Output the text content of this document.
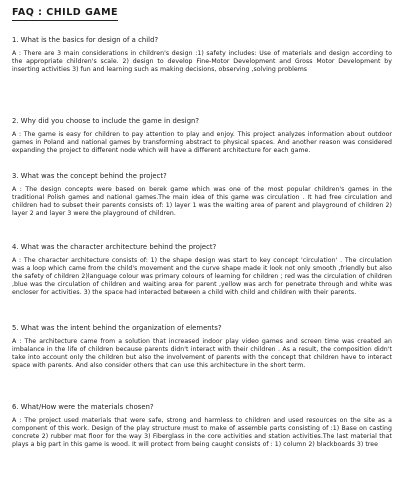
FAQ : CHILD GAME

1. What is the basics for design of a child?

A : There are 3 main considerations in children's design :1) safety includes: Use of materials and design according to the appropriate children's scale. 2) design to develop Fine-Motor Development and Gross Motor Development by inserting activities 3) fun and learning such as making decisions, observing ,solving problems

2. Why did you choose to include the game in design?

A : The game is easy for children to pay attention to play and enjoy. This project analyzes information about outdoor games in Poland and national games by transforming abstract to physical spaces. And another reason was considered expanding the project to different node which will have a different architecture for each game.

3. What was the concept behind the project?

A : The design concepts were based on berek game which was one of the most popular children's games in the traditional Polish games and national games.The main idea of this game was circulation . It had free circulation and children had to subset their parents consists of: 1) layer 1 was the waiting area of parent and playground of children 2) layer 2 and layer 3 were the playground of children.

4. What was the character architecture behind the project?

A : The character architecture consists of: 1) the shape design was start to key concept 'circulation' . The circulation was a loop which came from the child's movement and the curve shape made it look not only smooth ,friendly but also the safety of children 2)language colour was primary colours of learning for children ; red was the circulation of children ,blue was the circulation of children and waiting area for parent ,yellow was arch for penetrate through and white was encloser for activities. 3) the space had interacted between a child with child and children with their parents.

5. What was the intent behind the organization of elements?

A : The architecture came from a solution that increased indoor play video games and screen time was created an imbalance in the life of children because parents didn't interact with their children . As a result, the composition didn't take into account only the children but also the involvement of parents with the concept that children have to interact space with parents. And also consider others that can use this architecture in the short term.

6. What/How were the materials chosen?

A : The project used materials that were safe, strong and harmless to children and used resources on the site as a component of this work. Design of the play structure must to make of assemble parts consisting of :1) Base on casting concrete 2) rubber mat floor for the way 3) Fiberglass in the core activities and station activities.The last material that plays a big part in this game is wood. It will protect from being caught consists of : 1) column 2) blackboards 3) tree
